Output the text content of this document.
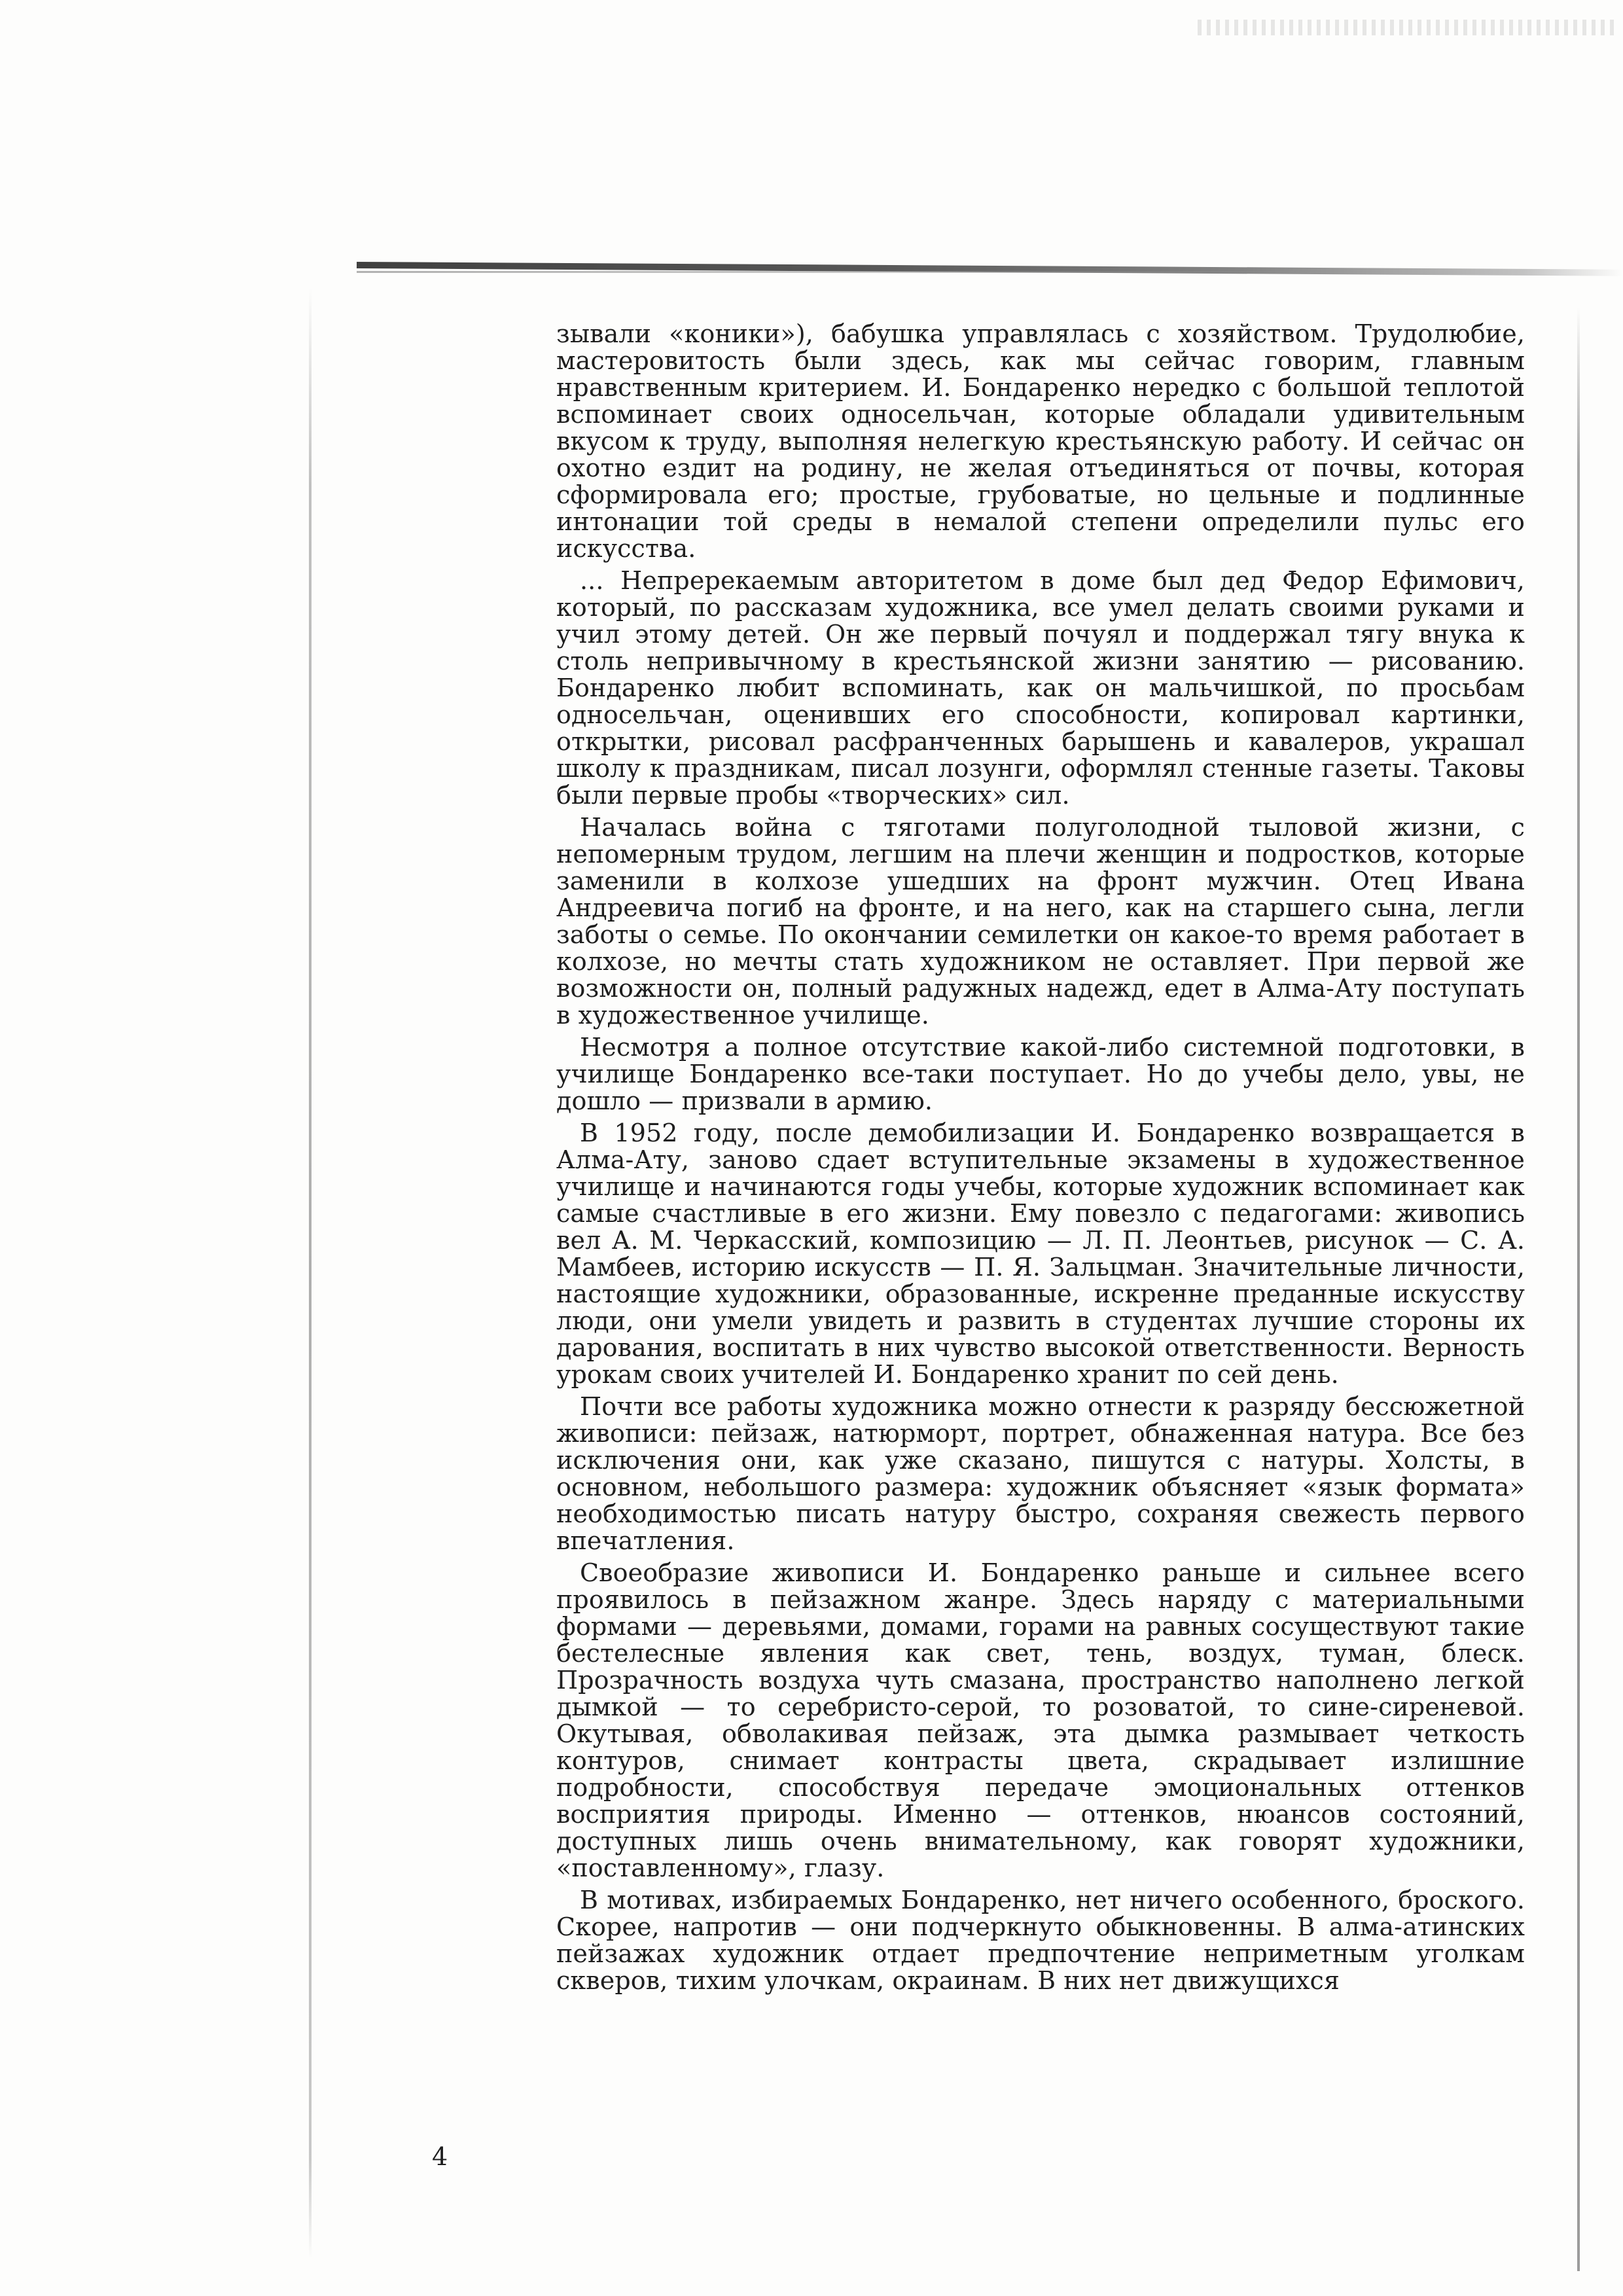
зывали «коники»), бабушка управлялась с хозяйством. Трудолюбие, мастеровитость были здесь, как мы сейчас говорим, главным нравственным критерием. И. Бондаренко нередко с большой теплотой вспоминает своих односельчан, которые обладали удивительным вкусом к труду, выполняя нелегкую крестьянскую работу. И сейчас он охотно ездит на родину, не желая отъединяться от почвы, которая сформировала его; простые, грубоватые, но цельные и подлинные интонации той среды в немалой степени определили пульс его искусства.

... Непререкаемым авторитетом в доме был дед Федор Ефимович, который, по рассказам художника, все умел делать своими руками и учил этому детей. Он же первый почуял и поддержал тягу внука к столь непривычному в крестьянской жизни занятию — рисованию. Бондаренко любит вспоминать, как он мальчишкой, по просьбам односельчан, оценивших его способности, копировал картинки, открытки, рисовал расфранченных барышень и кавалеров, украшал школу к праздникам, писал лозунги, оформлял стенные газеты. Таковы были первые пробы «творческих» сил.

Началась война с тяготами полуголодной тыловой жизни, с непомерным трудом, легшим на плечи женщин и подростков, которые заменили в колхозе ушедших на фронт мужчин. Отец Ивана Андреевича погиб на фронте, и на него, как на старшего сына, легли заботы о семье. По окончании семилетки он какое-то время работает в колхозе, но мечты стать художником не оставляет. При первой же возможности он, полный радужных надежд, едет в Алма-Ату поступать в художественное училище.

Несмотря а полное отсутствие какой-либо системной подготовки, в училище Бондаренко все-таки поступает. Но до учебы дело, увы, не дошло — призвали в армию.

В 1952 году, после демобилизации И. Бондаренко возвращается в Алма-Ату, заново сдает вступительные экзамены в художественное училище и начинаются годы учебы, которые художник вспоминает как самые счастливые в его жизни. Ему повезло с педагогами: живопись вел А. М. Черкасский, композицию — Л. П. Леонтьев, рисунок — С. А. Мамбеев, историю искусств — П. Я. Зальцман. Значительные личности, настоящие художники, образованные, искренне преданные искусству люди, они умели увидеть и развить в студентах лучшие стороны их дарования, воспитать в них чувство высокой ответственности. Верность урокам своих учителей И. Бондаренко хранит по сей день.

Почти все работы художника можно отнести к разряду бессюжетной живописи: пейзаж, натюрморт, портрет, обнаженная натура. Все без исключения они, как уже сказано, пишутся с натуры. Холсты, в основном, небольшого размера: художник объясняет «язык формата» необходимостью писать натуру быстро, сохраняя свежесть первого впечатления.

Своеобразие живописи И. Бондаренко раньше и сильнее всего проявилось в пейзажном жанре. Здесь наряду с материальными формами — деревьями, домами, горами на равных сосуществуют такие бестелесные явления как свет, тень, воздух, туман, блеск. Прозрачность воздуха чуть смазана, пространство наполнено легкой дымкой — то серебристо-серой, то розоватой, то сине-сиреневой. Окутывая, обволакивая пейзаж, эта дымка размывает четкость контуров, снимает контрасты цвета, скрадывает излишние подробности, способствуя передаче эмоциональных оттенков восприятия природы. Именно — оттенков, нюансов состояний, доступных лишь очень внимательному, как говорят художники, «поставленному», глазу.

В мотивах, избираемых Бондаренко, нет ничего особенного, броского. Скорее, напротив — они подчеркнуто обыкновенны. В алма-атинских пейзажах художник отдает предпочтение неприметным уголкам скверов, тихим улочкам, окраинам. В них нет движущихся

4
